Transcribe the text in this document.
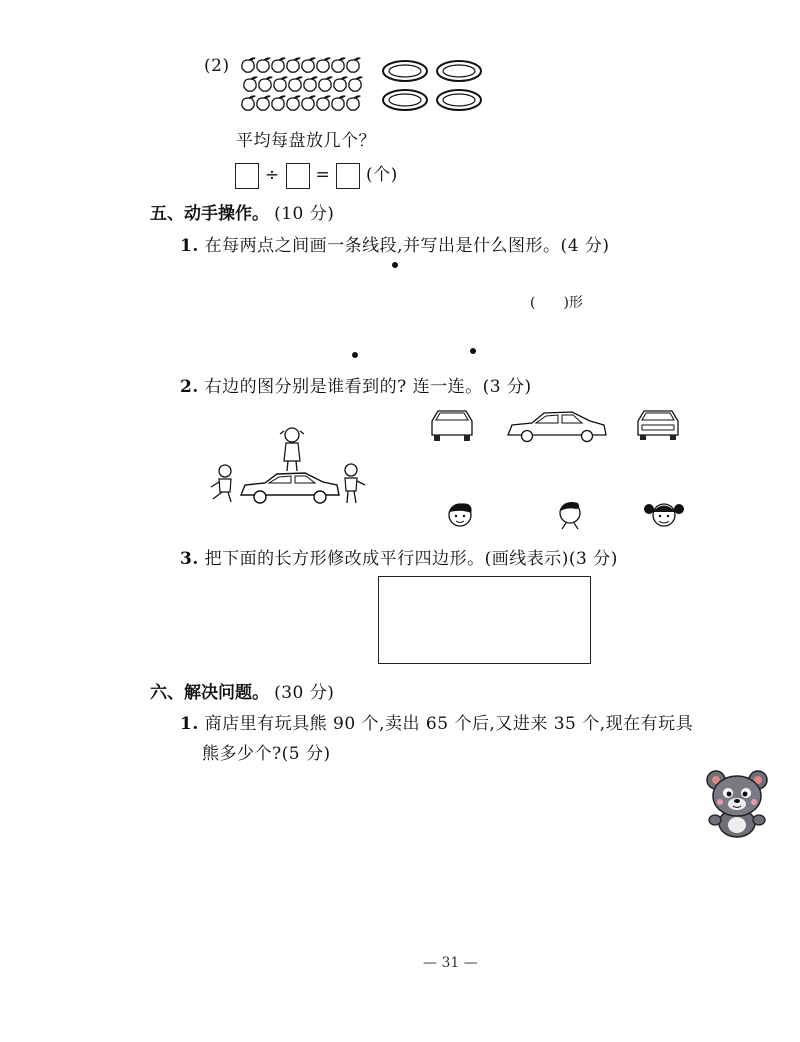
(2)
平均每盘放几个？
÷ = (个)
五、动手操作。 (10 分)
1. 在每两点之间画一条线段,并写出是什么图形。(4 分)
(　　)形
2. 右边的图分别是谁看到的? 连一连。(3 分)
3. 把下面的长方形修改成平行四边形。(画线表示)(3 分)
六、解决问题。 (30 分)
1. 商店里有玩具熊 90 个,卖出 65 个后,又进来 35 个,现在有玩具
熊多少个?(5 分)
— 31 —
